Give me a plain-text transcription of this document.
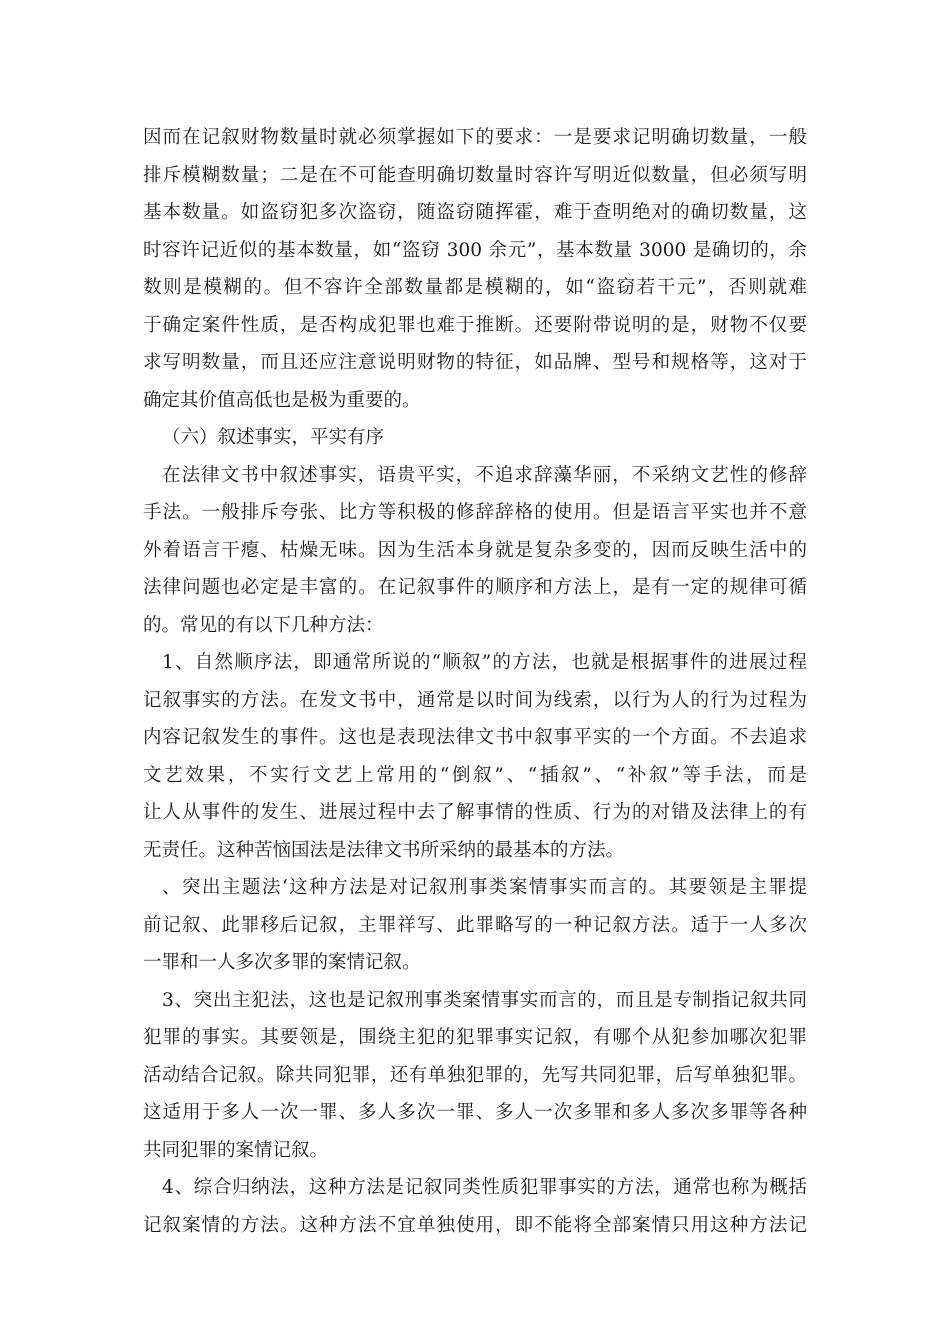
因而在记叙财物数量时就必须掌握如下的要求：一是要求记明确切数量，一般
排斥模糊数量；二是在不可能查明确切数量时容许写明近似数量，但必须写明
基本数量。如盗窃犯多次盗窃，随盗窃随挥霍，难于查明绝对的确切数量，这
时容许记近似的基本数量，如“盗窃 300 余元”，基本数量 3000 是确切的，余
数则是模糊的。但不容许全部数量都是模糊的，如“盗窃若干元”，否则就难
于确定案件性质，是否构成犯罪也难于推断。还要附带说明的是，财物不仅要
求写明数量，而且还应注意说明财物的特征，如品牌、型号和规格等，这对于
确定其价值高低也是极为重要的。
（六）叙述事实，平实有序
在法律文书中叙述事实，语贵平实，不追求辞藻华丽，不采纳文艺性的修辞
手法。一般排斥夸张、比方等积极的修辞辞格的使用。但是语言平实也并不意
外着语言干瘪、枯燥无味。因为生活本身就是复杂多变的，因而反映生活中的
法律问题也必定是丰富的。在记叙事件的顺序和方法上，是有一定的规律可循
的。常见的有以下几种方法：
1、自然顺序法，即通常所说的“顺叙”的方法，也就是根据事件的进展过程
记叙事实的方法。在发文书中，通常是以时间为线索，以行为人的行为过程为
内容记叙发生的事件。这也是表现法律文书中叙事平实的一个方面。不去追求
文艺效果，不实行文艺上常用的“倒叙”、“插叙”、“补叙”等手法，而是
让人从事件的发生、进展过程中去了解事情的性质、行为的对错及法律上的有
无责任。这种苦恼国法是法律文书所采纳的最基本的方法。
、突出主题法‘这种方法是对记叙刑事类案情事实而言的。其要领是主罪提
前记叙、此罪移后记叙，主罪祥写、此罪略写的一种记叙方法。适于一人多次
一罪和一人多次多罪的案情记叙。
3、突出主犯法，这也是记叙刑事类案情事实而言的，而且是专制指记叙共同
犯罪的事实。其要领是，围绕主犯的犯罪事实记叙，有哪个从犯参加哪次犯罪
活动结合记叙。除共同犯罪，还有单独犯罪的，先写共同犯罪，后写单独犯罪。
这适用于多人一次一罪、多人多次一罪、多人一次多罪和多人多次多罪等各种
共同犯罪的案情记叙。
4、综合归纳法，这种方法是记叙同类性质犯罪事实的方法，通常也称为概括
记叙案情的方法。这种方法不宜单独使用，即不能将全部案情只用这种方法记
